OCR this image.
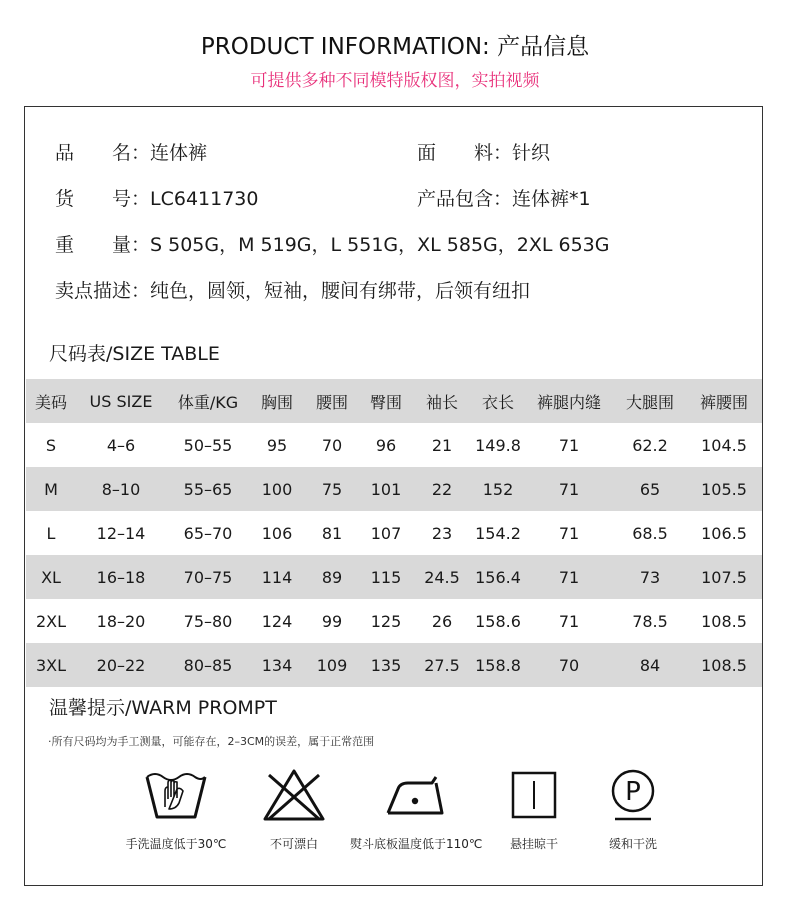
PRODUCT INFORMATION: 产品信息
可提供多种不同模特版权图，实拍视频
品　　名：连体裤	面　　料：针织
货　　号：LC6411730	产品包含：连体裤*1
重　　量：S 505G，M 519G，L 551G，XL 585G，2XL 653G
卖点描述：纯色，圆领，短袖，腰间有绑带，后领有纽扣
尺码表/SIZE TABLE
美码	US SIZE	体重/KG	胸围	腰围	臀围	袖长	衣长	裤腿内缝	大腿围	裤腰围
S	4–6	50–55	95	70	96	21	149.8	71	62.2	104.5
M	8–10	55–65	100	75	101	22	152	71	65	105.5
L	12–14	65–70	106	81	107	23	154.2	71	68.5	106.5
XL	16–18	70–75	114	89	115	24.5	156.4	71	73	107.5
2XL	18–20	75–80	124	99	125	26	158.6	71	78.5	108.5
3XL	20–22	80–85	134	109	135	27.5	158.8	70	84	108.5
温馨提示/WARM PROMPT
·所有尺码均为手工测量，可能存在，2–3CM的误差，属于正常范围
手洗温度低于30℃	不可漂白	熨斗底板温度低于110℃	悬挂晾干
P
缓和干洗
